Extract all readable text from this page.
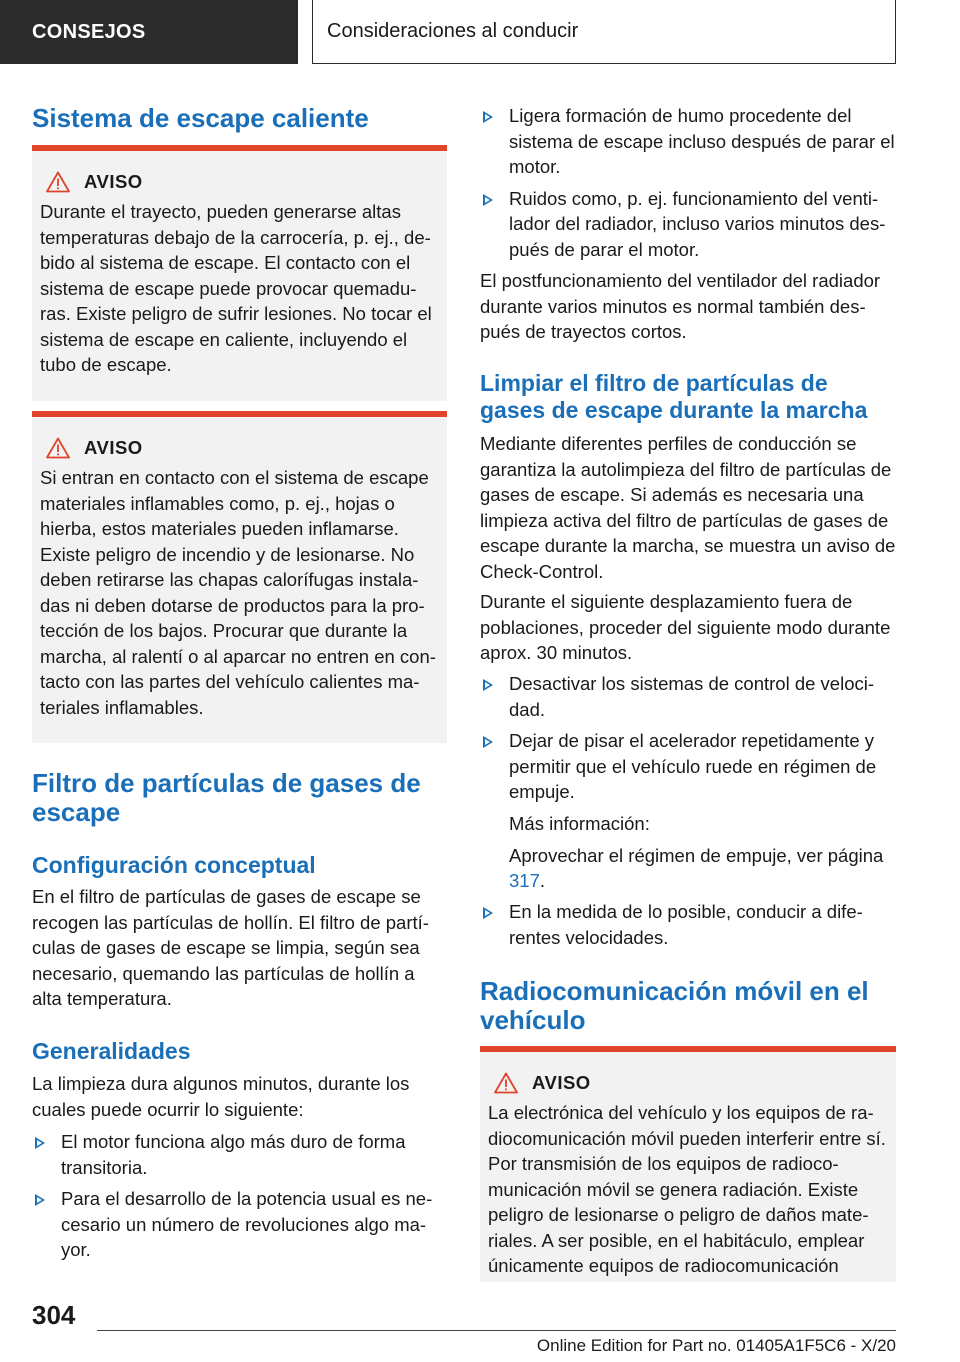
CONSEJOS	Consideraciones al conducir
Sistema de escape caliente
AVISO
Durante el trayecto, pueden generarse altas temperaturas debajo de la carrocería, p. ej., debido al sistema de escape. El contacto con el sistema de escape puede provocar quemaduras. Existe peligro de sufrir lesiones. No tocar el sistema de escape en caliente, incluyendo el tubo de escape.
AVISO
Si entran en contacto con el sistema de escape materiales inflamables como, p. ej., hojas o hierba, estos materiales pueden inflamarse. Existe peligro de incendio y de lesionarse. No deben retirarse las chapas calorífugas instaladas ni deben dotarse de productos para la protección de los bajos. Procurar que durante la marcha, al ralentí o al aparcar no entren en contacto con las partes del vehículo calientes materiales inflamables.
Filtro de partículas de gases de escape
Configuración conceptual

En el filtro de partículas de gases de escape se recogen las partículas de hollín. El filtro de partículas de gases de escape se limpia, según sea necesario, quemando las partículas de hollín a alta temperatura.

Generalidades

La limpieza dura algunos minutos, durante los cuales puede ocurrir lo siguiente:

El motor funciona algo más duro de forma transitoria.
Para el desarrollo de la potencia usual es necesario un número de revoluciones algo mayor.
Ligera formación de humo procedente del sistema de escape incluso después de parar el motor.
Ruidos como, p. ej. funcionamiento del ventilador del radiador, incluso varios minutos después de parar el motor.

El postfuncionamiento del ventilador del radiador durante varios minutos es normal también después de trayectos cortos.

Limpiar el filtro de partículas de gases de escape durante la marcha

Mediante diferentes perfiles de conducción se garantiza la autolimpieza del filtro de partículas de gases de escape. Si además es necesaria una limpieza activa del filtro de partículas de gases de escape durante la marcha, se muestra un aviso de Check-Control.

Durante el siguiente desplazamiento fuera de poblaciones, proceder del siguiente modo durante aprox. 30 minutos.

Desactivar los sistemas de control de velocidad.
Dejar de pisar el acelerador repetidamente y permitir que el vehículo ruede en régimen de empuje.
Más información:
Aprovechar el régimen de empuje, ver página 317.
En la medida de lo posible, conducir a diferentes velocidades.
Radiocomunicación móvil en el vehículo
AVISO
La electrónica del vehículo y los equipos de radiocomunicación móvil pueden interferir entre sí. Por transmisión de los equipos de radiocomunicación móvil se genera radiación. Existe peligro de lesionarse o peligro de daños materiales. A ser posible, en el habitáculo, emplear únicamente equipos de radiocomunicación
304
Online Edition for Part no. 01405A1F5C6 - X/20
